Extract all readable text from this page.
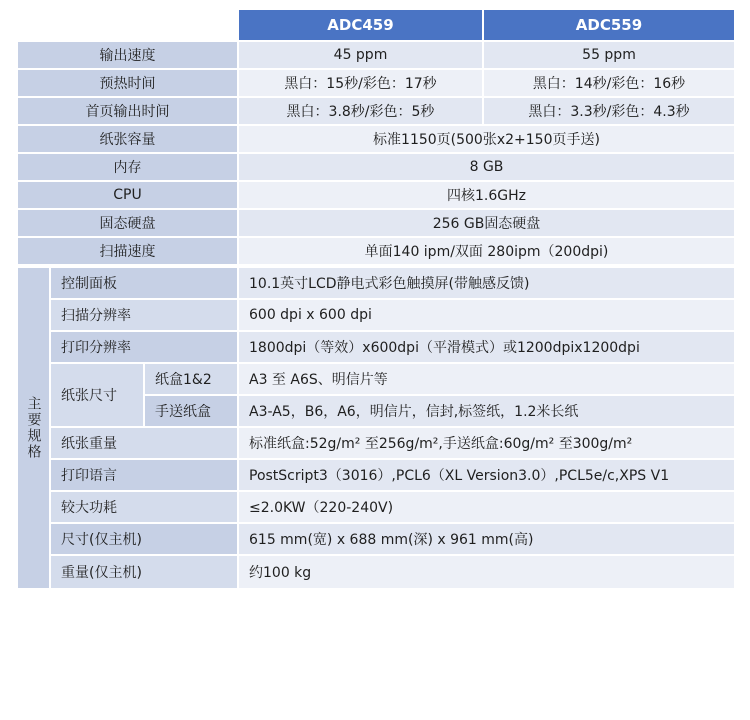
ADC459	ADC559
输出速度	45 ppm	55 ppm
预热时间	黑白：15秒/彩色：17秒	黑白：14秒/彩色：16秒
首页输出时间	黑白：3.8秒/彩色：5秒	黑白：3.3秒/彩色：4.3秒
纸张容量	标准1150页(500张x2+150页手送)
内存	8 GB
CPU	四核1.6GHz
固态硬盘	256 GB固态硬盘
扫描速度	单面140 ipm/双面 280ipm（200dpi)
主要规格
控制面板	10.1英寸LCD静电式彩色触摸屏(带触感反馈)
扫描分辨率	600 dpi x 600 dpi
打印分辨率	1800dpi（等效）x600dpi（平滑模式）或1200dpix1200dpi
纸张尺寸
纸盒1&2	A3 至 A6S、明信片等
手送纸盒	A3-A5，B6，A6，明信片，信封,标签纸，1.2米长纸
纸张重量	标准纸盒:52g/m² 至256g/m²,手送纸盒:60g/m² 至300g/m²
打印语言	PostScript3（3016）,PCL6（XL Version3.0）,PCL5e/c,XPS V1
较大功耗	≤2.0KW（220-240V)
尺寸(仅主机)	615 mm(宽) x 688 mm(深) x 961 mm(高)
重量(仅主机)	约100 kg
